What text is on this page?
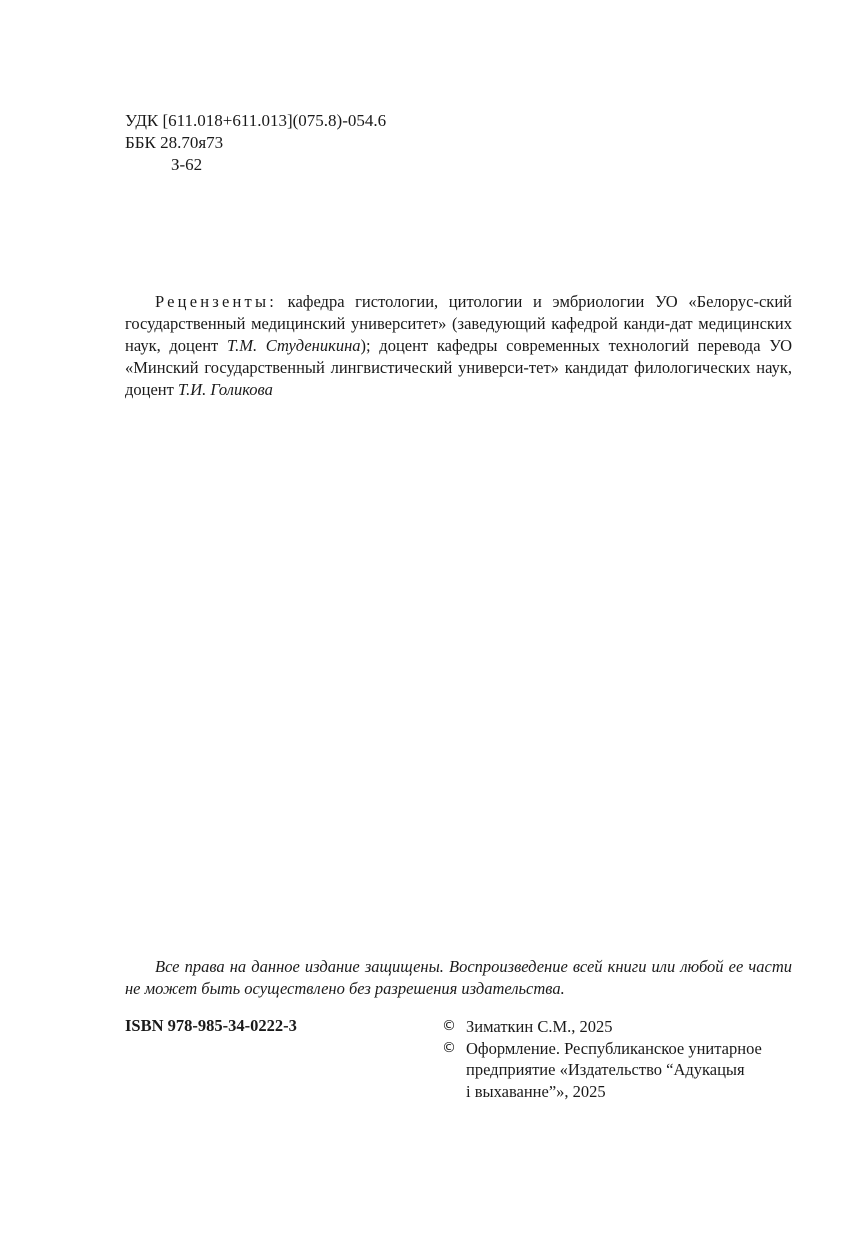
УДК [611.018+611.013](075.8)-054.6
ББК 28.70я73
З-62
Рецензенты: кафедра гистологии, цитологии и эмбриологии УО «Белорус-ский государственный медицинский университет» (заведующий кафедрой канди-дат медицинских наук, доцент Т.М. Студеникина); доцент кафедры современных технологий перевода УО «Минский государственный лингвистический универси-тет» кандидат филологических наук, доцент Т.И. Голикова
Все права на данное издание защищены. Воспроизведение всей книги или любой ее части не может быть осуществлено без разрешения издательства.
ISBN 978-985-34-0222-3	© Зиматкин С.М., 2025
© Оформление. Республиканское унитарное
предприятие «Издательство “Адукацыя
і выхаванне”», 2025
